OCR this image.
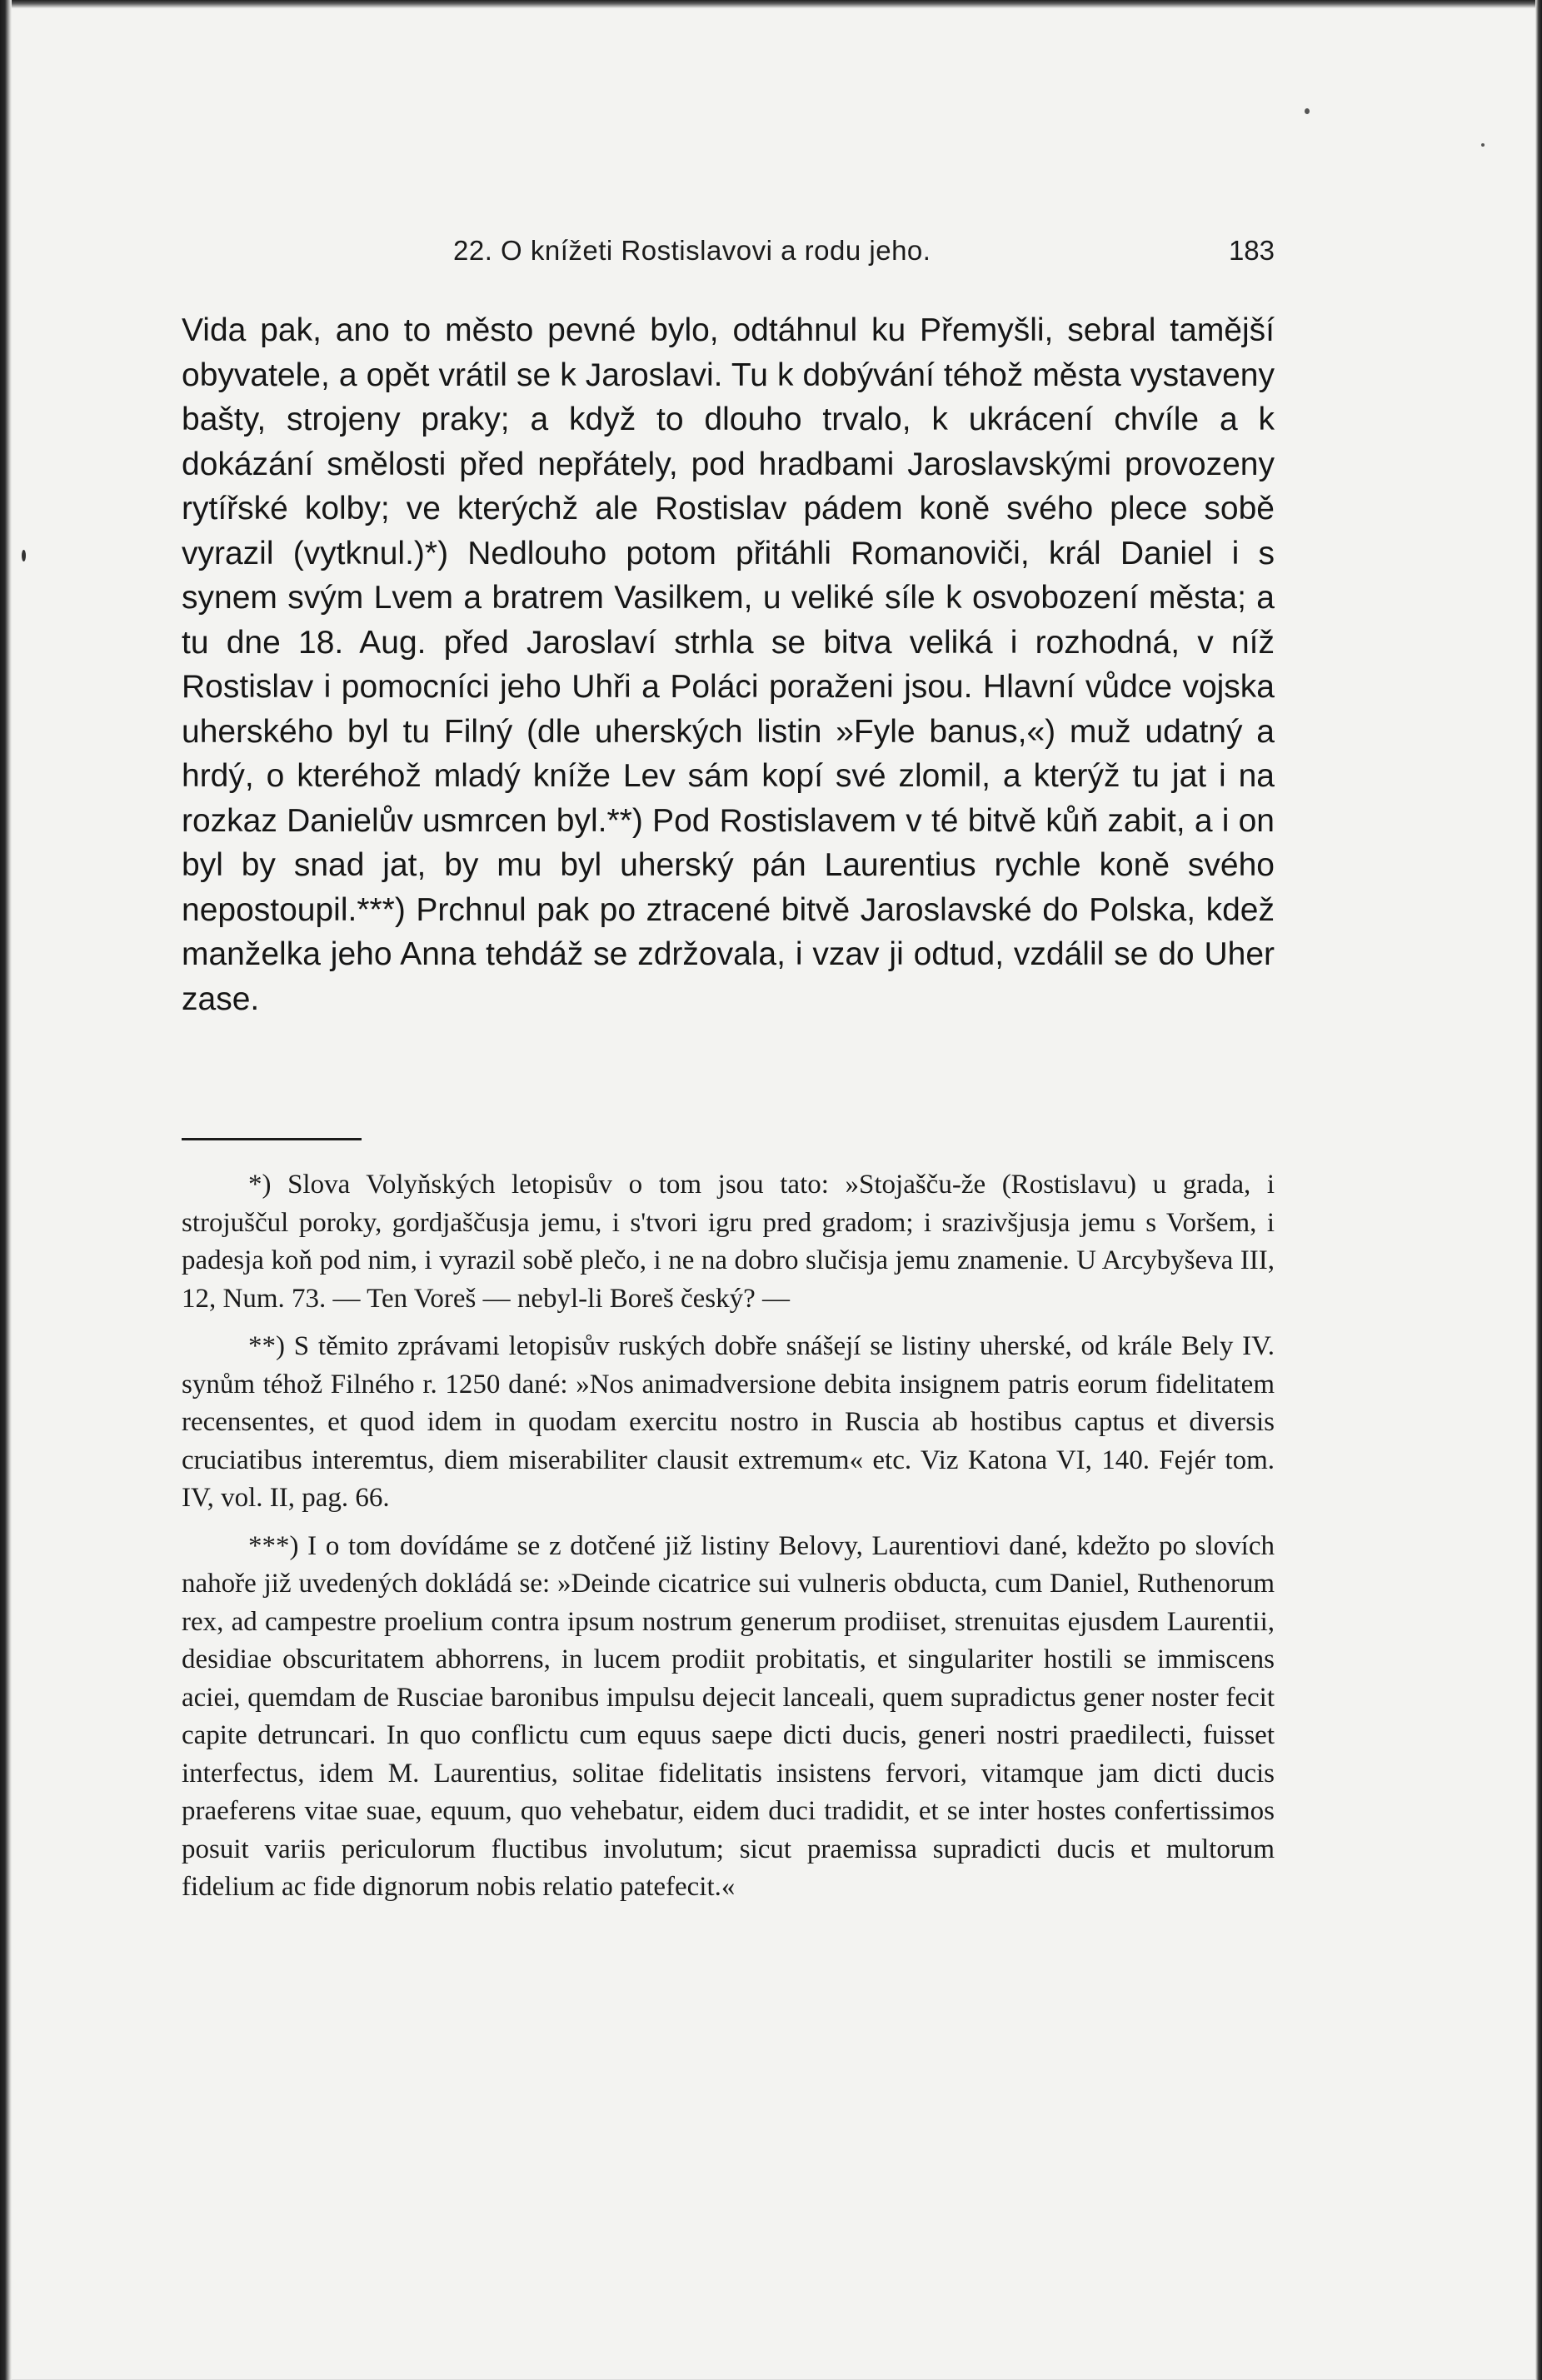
22. O knížeti Rostislavovi a rodu jeho.	183

Vida pak, ano to město pevné bylo, odtáhnul ku Přemyšli, sebral tamější obyvatele, a opět vrátil se k Jaroslavi. Tu k dobývání téhož města vystaveny bašty, strojeny praky; a když to dlouho trvalo, k ukrácení chvíle a k dokázání smělosti před nepřátely, pod hradbami Jaroslavskými provozeny rytířské kolby; ve kterýchž ale Rostislav pádem koně svého plece sobě vyrazil (vytknul.)*) Nedlouho potom přitáhli Romanoviči, král Daniel i s synem svým Lvem a bratrem Vasilkem, u veliké síle k osvobození města; a tu dne 18. Aug. před Jaroslaví strhla se bitva veliká i rozhodná, v níž Rostislav i pomocníci jeho Uhři a Poláci poraženi jsou. Hlavní vůdce vojska uherského byl tu Filný (dle uherských listin »Fyle banus,«) muž udatný a hrdý, o kteréhož mladý kníže Lev sám kopí své zlomil, a kterýž tu jat i na rozkaz Danielův usmrcen byl.**) Pod Rostislavem v té bitvě kůň zabit, a i on byl by snad jat, by mu byl uherský pán Laurentius rychle koně svého nepostoupil.***) Prchnul pak po ztracené bitvě Jaroslavské do Polska, kdež manželka jeho Anna tehdáž se zdržovala, i vzav ji odtud, vzdálil se do Uher zase.

*) Slova Volyňských letopisův o tom jsou tato: »Stojašču-že (Rostislavu) u grada, i strojuščul poroky, gordjaščusja jemu, i s'tvori igru pred gradom; i srazivšjusja jemu s Voršem, i padesja koň pod nim, i vyrazil sobě plečo, i ne na dobro slučisja jemu znamenie. U Arcybyševa III, 12, Num. 73. — Ten Voreš — nebyl-li Boreš český? —

**) S těmito zprávami letopisův ruských dobře snášejí se listiny uherské, od krále Bely IV. synům téhož Filného r. 1250 dané: »Nos animadversione debita insignem patris eorum fidelitatem recensentes, et quod idem in quodam exercitu nostro in Ruscia ab hostibus captus et diversis cruciatibus interemtus, diem miserabiliter clausit extremum« etc. Viz Katona VI, 140. Fejér tom. IV, vol. II, pag. 66.

***) I o tom dovídáme se z dotčené již listiny Belovy, Laurentiovi dané, kdežto po slovích nahoře již uvedených dokládá se: »Deinde cicatrice sui vulneris obducta, cum Daniel, Ruthenorum rex, ad campestre proelium contra ipsum nostrum generum prodiiset, strenuitas ejusdem Laurentii, desidiae obscuritatem abhorrens, in lucem prodiit probitatis, et singulariter hostili se immiscens aciei, quemdam de Rusciae baronibus impulsu dejecit lanceali, quem supradictus gener noster fecit capite detruncari. In quo conflictu cum equus saepe dicti ducis, generi nostri praedilecti, fuisset interfectus, idem M. Laurentius, solitae fidelitatis insistens fervori, vitamque jam dicti ducis praeferens vitae suae, equum, quo vehebatur, eidem duci tradidit, et se inter hostes confertissimos posuit variis periculorum fluctibus involutum; sicut praemissa supradicti ducis et multorum fidelium ac fide dignorum nobis relatio patefecit.«
